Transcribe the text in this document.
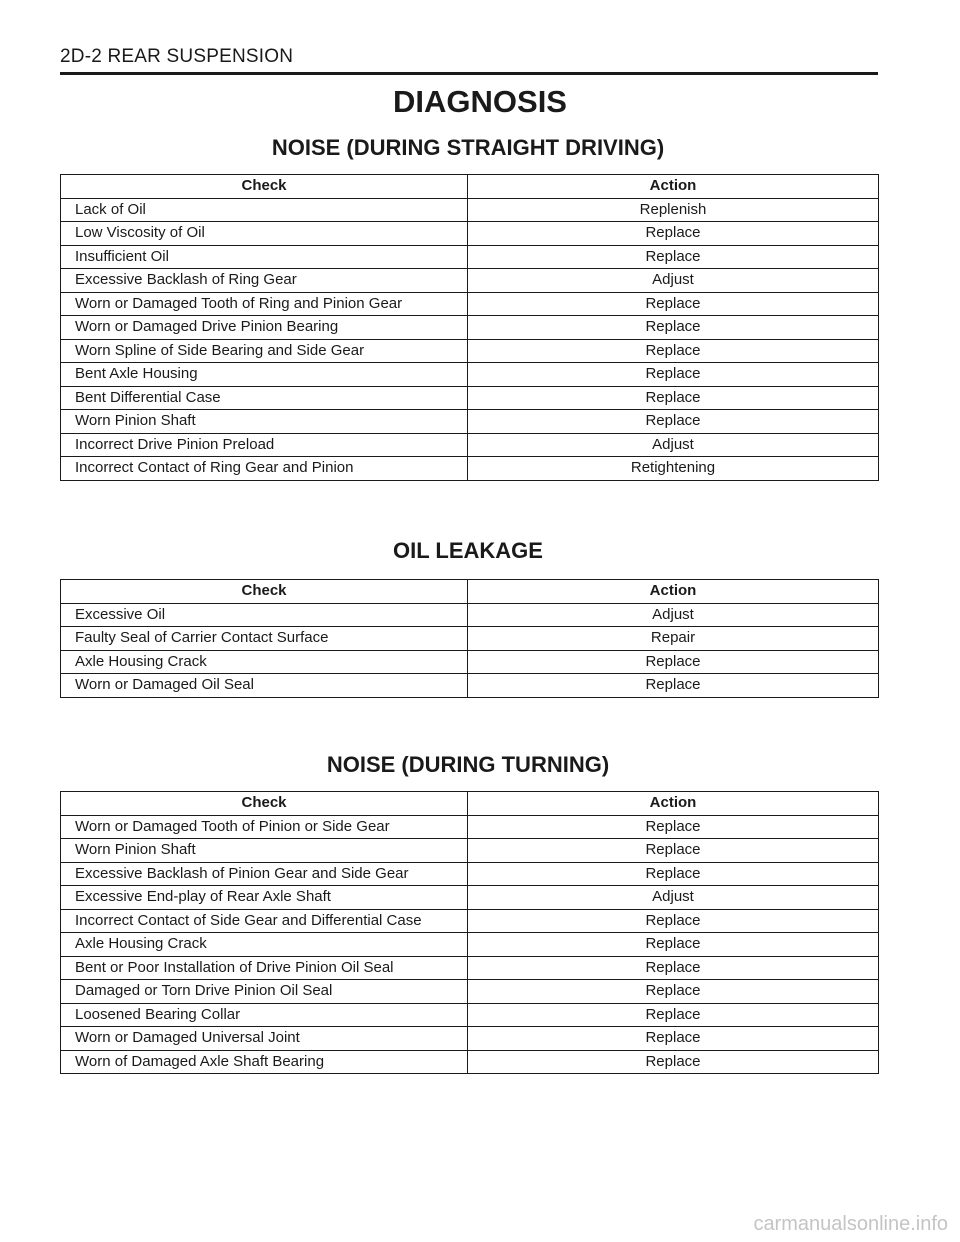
2D-2 REAR SUSPENSION
DIAGNOSIS
NOISE (DURING STRAIGHT DRIVING)
Check	Action
Lack of Oil	Replenish
Low Viscosity of Oil	Replace
Insufficient Oil	Replace
Excessive Backlash of Ring Gear	Adjust
Worn or Damaged Tooth of Ring and Pinion Gear	Replace
Worn or Damaged Drive Pinion Bearing	Replace
Worn Spline of Side Bearing and Side Gear	Replace
Bent Axle Housing	Replace
Bent Differential Case	Replace
Worn Pinion Shaft	Replace
Incorrect Drive Pinion Preload	Adjust
Incorrect Contact of Ring Gear and Pinion	Retightening
OIL LEAKAGE
Check	Action
Excessive Oil	Adjust
Faulty Seal of Carrier Contact Surface	Repair
Axle Housing Crack	Replace
Worn or Damaged Oil Seal	Replace
NOISE (DURING TURNING)
Check	Action
Worn or Damaged Tooth of Pinion or Side Gear	Replace
Worn Pinion Shaft	Replace
Excessive Backlash of Pinion Gear and Side Gear	Replace
Excessive End-play of Rear Axle Shaft	Adjust
Incorrect Contact of Side Gear and Differential Case	Replace
Axle Housing Crack	Replace
Bent or Poor Installation of Drive Pinion Oil Seal	Replace
Damaged or Torn Drive Pinion Oil Seal	Replace
Loosened Bearing Collar	Replace
Worn or Damaged Universal Joint	Replace
Worn of Damaged Axle Shaft Bearing	Replace
carmanualsonline.info
